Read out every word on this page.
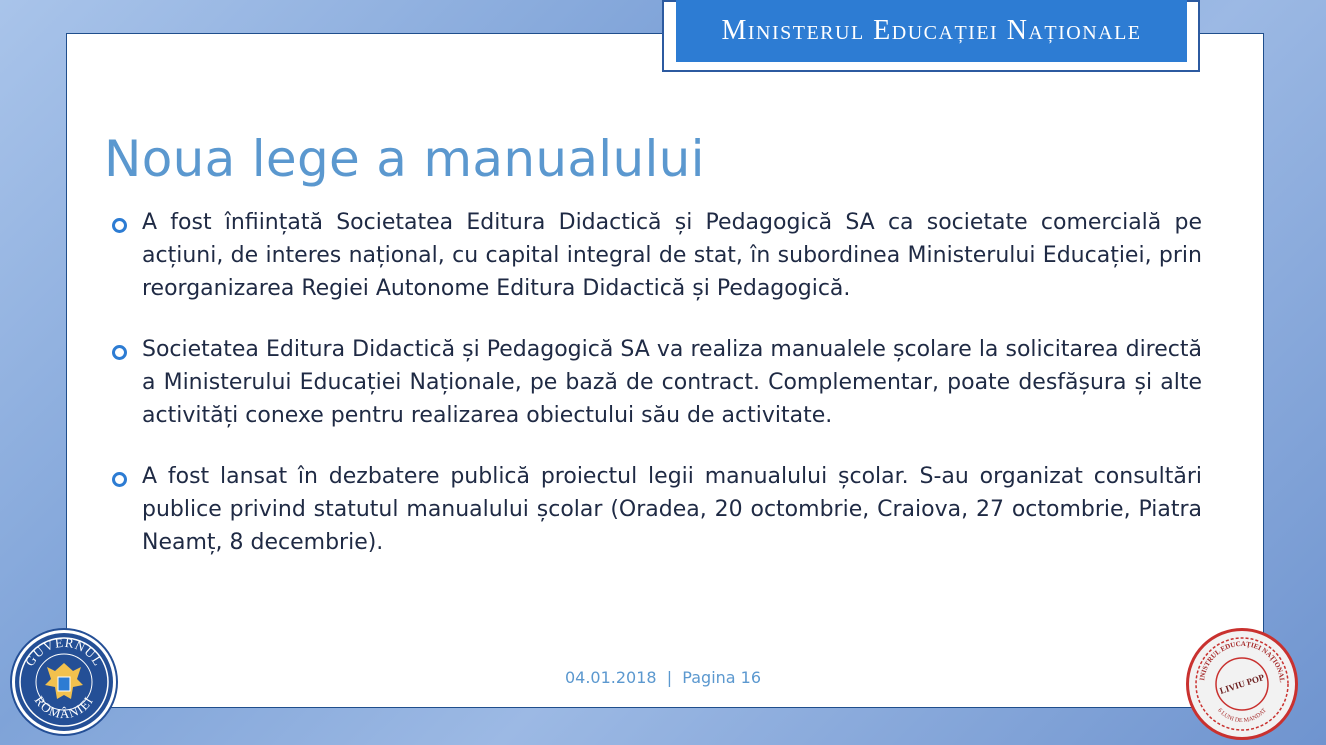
Ministerul Educației Naționale
Noua lege a manualului
A fost înființată Societatea Editura Didactică și Pedagogică SA ca societate comercială pe acțiuni, de interes național, cu capital integral de stat, în subordinea Ministerului Educației, prin reorganizarea Regiei Autonome Editura Didactică și Pedagogică.
Societatea Editura Didactică și Pedagogică SA va realiza manualele școlare la solicitarea directă a Ministerului Educației Naționale, pe bază de contract. Complementar, poate desfășura și alte activități conexe pentru realizarea obiectului său de activitate.
A fost lansat în dezbatere publică proiectul legii manualului școlar. S-au organizat consultări publice privind statutul manualului școlar (Oradea, 20 octombrie, Craiova, 27 octombrie, Piatra Neamț, 8 decembrie).
04.01.2018  |  Pagina 16
GUVERNUL
ROMÂNIEI
INISTRUL EDUCAȚIEI NAȚIONAL
6 LUNI DE MANDAT
LIVIU POP
